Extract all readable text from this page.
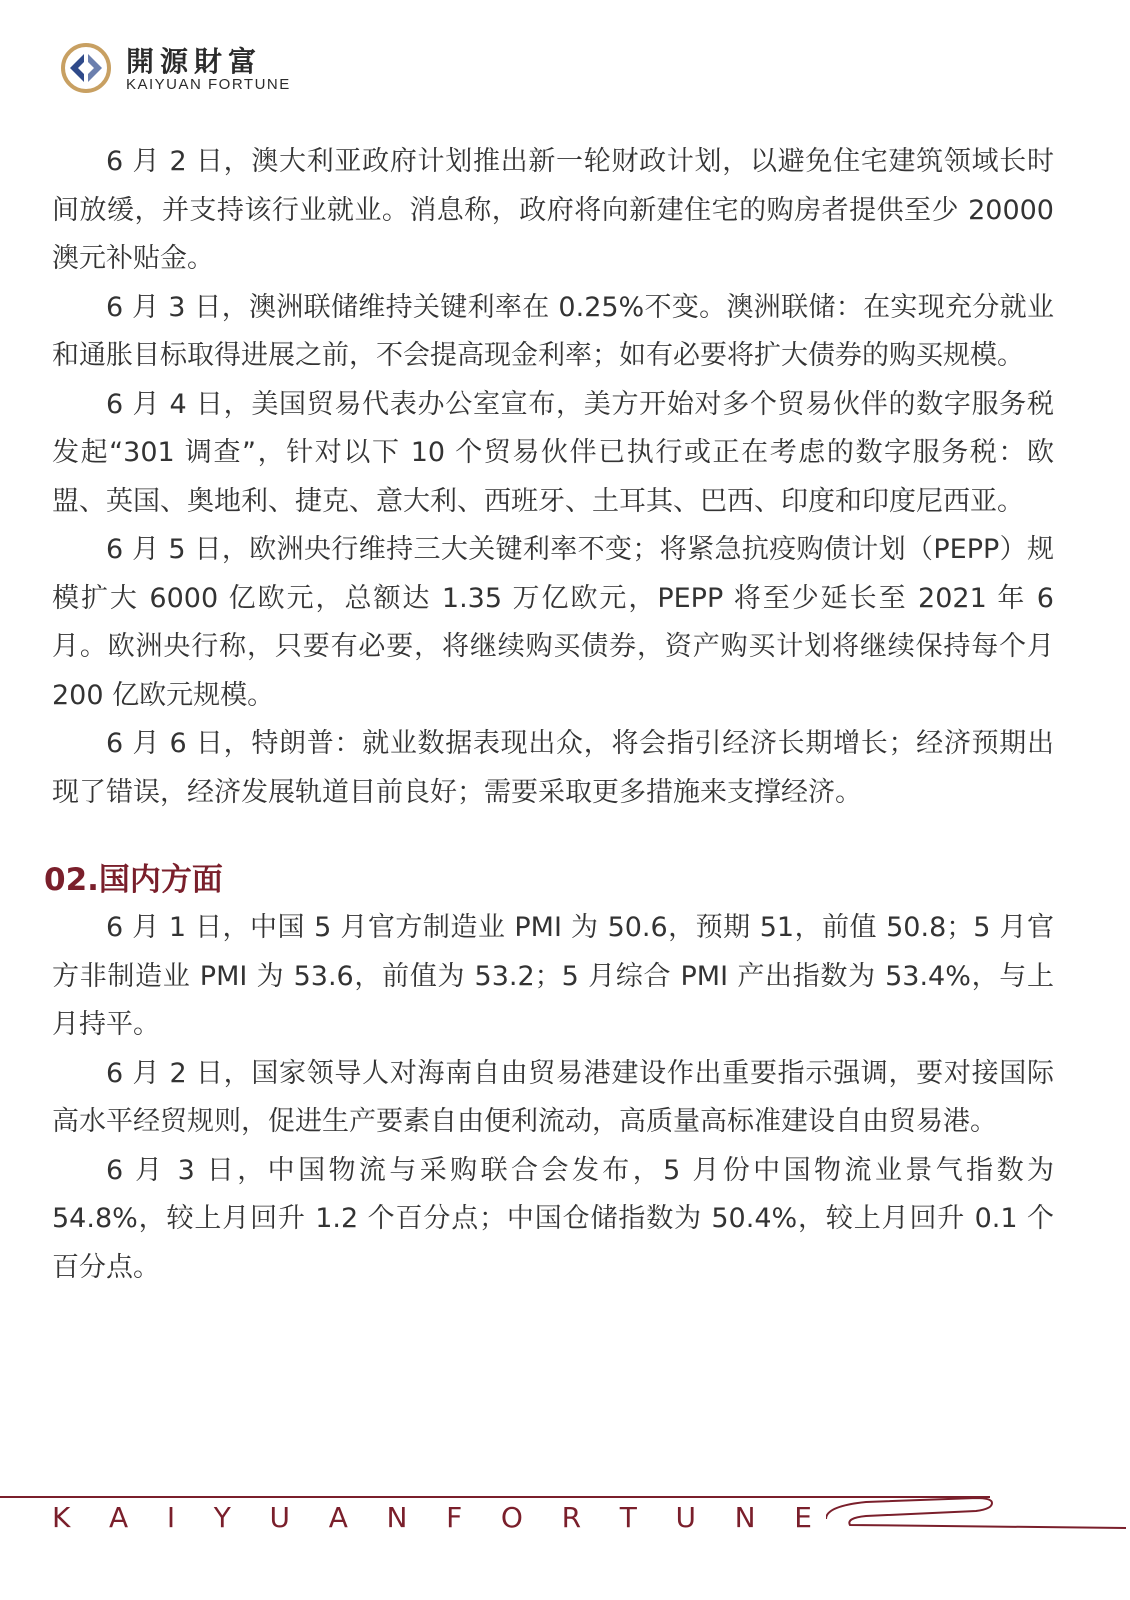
開源財富
KAIYUAN FORTUNE

6 月 2 日，澳大利亚政府计划推出新一轮财政计划，以避免住宅建筑领域长时间放缓，并支持该行业就业。消息称，政府将向新建住宅的购房者提供至少 20000 澳元补贴金。

6 月 3 日，澳洲联储维持关键利率在 0.25%不变。澳洲联储：在实现充分就业和通胀目标取得进展之前，不会提高现金利率；如有必要将扩大债券的购买规模。

6 月 4 日，美国贸易代表办公室宣布，美方开始对多个贸易伙伴的数字服务税发起“301 调查”，针对以下 10 个贸易伙伴已执行或正在考虑的数字服务税：欧盟、英国、奥地利、捷克、意大利、西班牙、土耳其、巴西、印度和印度尼西亚。

6 月 5 日，欧洲央行维持三大关键利率不变；将紧急抗疫购债计划（PEPP）规模扩大 6000 亿欧元，总额达 1.35 万亿欧元，PEPP 将至少延长至 2021 年 6 月。欧洲央行称，只要有必要，将继续购买债券，资产购买计划将继续保持每个月 200 亿欧元规模。

6 月 6 日，特朗普：就业数据表现出众，将会指引经济长期增长；经济预期出现了错误，经济发展轨道目前良好；需要采取更多措施来支撑经济。

02.国内方面

6 月 1 日，中国 5 月官方制造业 PMI 为 50.6，预期 51，前值 50.8；5 月官方非制造业 PMI 为 53.6，前值为 53.2；5 月综合 PMI 产出指数为 53.4%，与上月持平。

6 月 2 日，国家领导人对海南自由贸易港建设作出重要指示强调，要对接国际高水平经贸规则，促进生产要素自由便利流动，高质量高标准建设自由贸易港。

6 月 3 日，中国物流与采购联合会发布，5 月份中国物流业景气指数为 54.8%，较上月回升 1.2 个百分点；中国仓储指数为 50.4%，较上月回升 0.1 个百分点。

K A I Y U A N F O R T U N E
